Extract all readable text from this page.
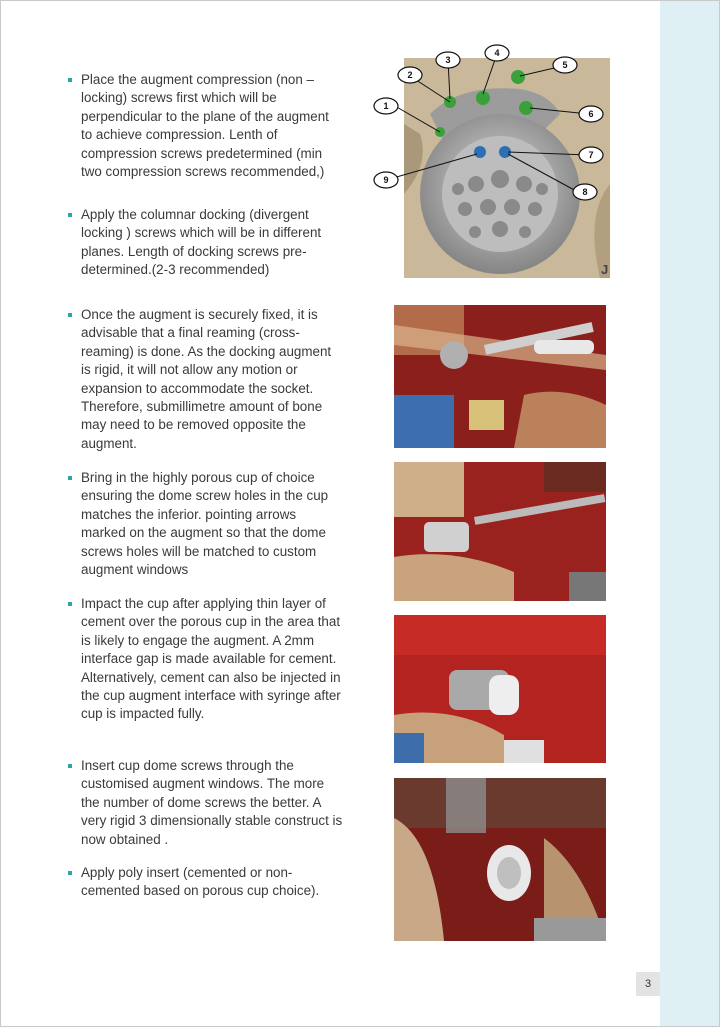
Place the augment compression (non –locking) screws first which will be perpendicular to the plane of the augment to achieve compression. Lenth of compression screws predetermined (min two compression screws recommended,)
Apply the columnar docking (divergent locking ) screws which will be in different planes. Length of docking screws pre-determined.(2-3 recommended)
Once the augment is securely fixed, it is advisable that a final reaming (cross-reaming) is done. As the docking augment is rigid, it will not allow any motion or expansion to accommodate the socket. Therefore, submillimetre amount of bone may need to be removed opposite the augment.
Bring in the highly porous cup of choice ensuring the dome screw holes in the cup matches the inferior. pointing arrows marked on the augment so that the dome screws holes will be matched to custom augment windows
Impact the cup after applying thin layer of cement over the porous cup in the area that is likely to engage the augment. A 2mm interface gap is made available for cement. Alternatively, cement can also be injected in the cup augment interface with syringe after cup is impacted fully.
Insert cup dome screws through the customised augment windows. The more the number of dome screws the better. A very rigid 3 dimensionally stable construct is now obtained .
Apply poly insert (cemented or non-cemented based on porous cup choice).
1
2
3
4
5
6
7
8
9
J
3
